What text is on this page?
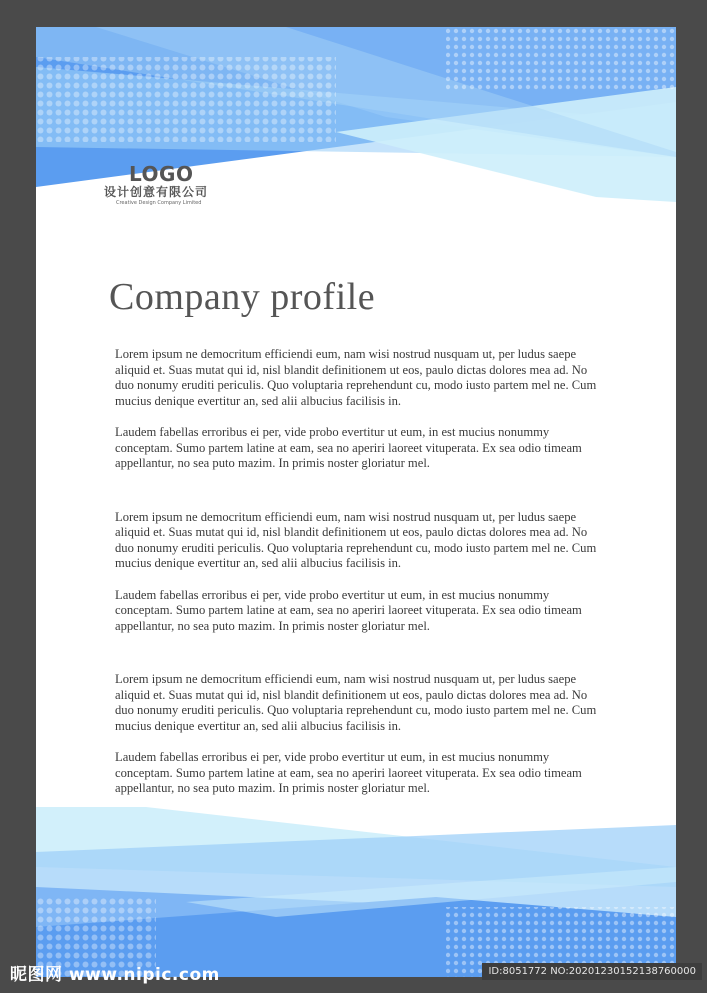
LOGO
设计创意有限公司
Creative Design Company Limited
Company profile

Lorem ipsum ne democritum efficiendi eum, nam wisi nostrud nusquam ut, per ludus saepe aliquid et. Suas mutat qui id, nisl blandit definitionem ut eos, paulo dictas dolores mea ad. No duo nonumy eruditi periculis. Quo voluptaria reprehendunt cu, modo iusto partem mel ne. Cum mucius denique evertitur an, sed alii albucius facilisis in.

Laudem fabellas erroribus ei per, vide probo evertitur ut eum, in est mucius nonummy conceptam. Sumo partem latine at eam, sea no aperiri laoreet vituperata. Ex sea odio timeam appellantur, no sea puto mazim. In primis noster gloriatur mel.

Lorem ipsum ne democritum efficiendi eum, nam wisi nostrud nusquam ut, per ludus saepe aliquid et. Suas mutat qui id, nisl blandit definitionem ut eos, paulo dictas dolores mea ad. No duo nonumy eruditi periculis. Quo voluptaria reprehendunt cu, modo iusto partem mel ne. Cum mucius denique evertitur an, sed alii albucius facilisis in.

Laudem fabellas erroribus ei per, vide probo evertitur ut eum, in est mucius nonummy conceptam. Sumo partem latine at eam, sea no aperiri laoreet vituperata. Ex sea odio timeam appellantur, no sea puto mazim. In primis noster gloriatur mel.

Lorem ipsum ne democritum efficiendi eum, nam wisi nostrud nusquam ut, per ludus saepe aliquid et. Suas mutat qui id, nisl blandit definitionem ut eos, paulo dictas dolores mea ad. No duo nonumy eruditi periculis. Quo voluptaria reprehendunt cu, modo iusto partem mel ne. Cum mucius denique evertitur an, sed alii albucius facilisis in.

Laudem fabellas erroribus ei per, vide probo evertitur ut eum, in est mucius nonummy conceptam. Sumo partem latine at eam, sea no aperiri laoreet vituperata. Ex sea odio timeam appellantur, no sea puto mazim. In primis noster gloriatur mel.

昵图网 www.nipic.com	ID:8051772 NO:20201230152138760000
